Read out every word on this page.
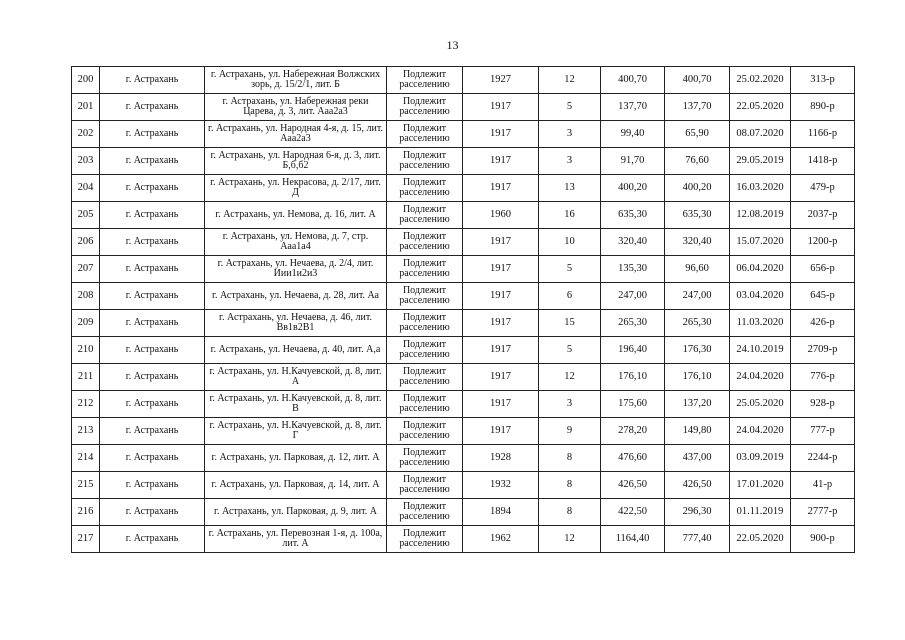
13
200	г. Астрахань	г. Астрахань, ул. Набережная Волжских зорь, д. 15/2/1, лит. Б	Подлежит расселению	1927	12	400,70	400,70	25.02.2020	313-р
201	г. Астрахань	г. Астрахань, ул. Набережная реки Царева, д. 3, лит. Ааа2а3	Подлежит расселению	1917	5	137,70	137,70	22.05.2020	890-р
202	г. Астрахань	г. Астрахань, ул. Народная 4-я, д. 15, лит. Ааа2а3	Подлежит расселению	1917	3	99,40	65,90	08.07.2020	1166-р
203	г. Астрахань	г. Астрахань, ул. Народная 6-я, д. 3, лит. Б,б,б2	Подлежит расселению	1917	3	91,70	76,60	29.05.2019	1418-р
204	г. Астрахань	г. Астрахань, ул. Некрасова, д. 2/17, лит. Д	Подлежит расселению	1917	13	400,20	400,20	16.03.2020	479-р
205	г. Астрахань	г. Астрахань, ул. Немова, д. 16, лит. А	Подлежит расселению	1960	16	635,30	635,30	12.08.2019	2037-р
206	г. Астрахань	г. Астрахань, ул. Немова, д. 7, стр. Ааа1а4	Подлежит расселению	1917	10	320,40	320,40	15.07.2020	1200-р
207	г. Астрахань	г. Астрахань, ул. Нечаева, д. 2/4, лит. Иии1и2и3	Подлежит расселению	1917	5	135,30	96,60	06.04.2020	656-р
208	г. Астрахань	г. Астрахань, ул. Нечаева, д. 28, лит. Аа	Подлежит расселению	1917	6	247,00	247,00	03.04.2020	645-р
209	г. Астрахань	г. Астрахань, ул. Нечаева, д. 46, лит. Вв1в2В1	Подлежит расселению	1917	15	265,30	265,30	11.03.2020	426-р
210	г. Астрахань	г. Астрахань, ул. Нечаева, д. 40, лит. А,а	Подлежит расселению	1917	5	196,40	176,30	24.10.2019	2709-р
211	г. Астрахань	г. Астрахань, ул. Н.Качуевской, д. 8, лит. А	Подлежит расселению	1917	12	176,10	176,10	24.04.2020	776-р
212	г. Астрахань	г. Астрахань, ул. Н.Качуевской, д. 8, лит. В	Подлежит расселению	1917	3	175,60	137,20	25.05.2020	928-р
213	г. Астрахань	г. Астрахань, ул. Н.Качуевской, д. 8, лит. Г	Подлежит расселению	1917	9	278,20	149,80	24.04.2020	777-р
214	г. Астрахань	г. Астрахань, ул. Парковая, д. 12, лит. А	Подлежит расселению	1928	8	476,60	437,00	03.09.2019	2244-р
215	г. Астрахань	г. Астрахань, ул. Парковая, д. 14, лит. А	Подлежит расселению	1932	8	426,50	426,50	17.01.2020	41-р
216	г. Астрахань	г. Астрахань, ул. Парковая, д. 9, лит. А	Подлежит расселению	1894	8	422,50	296,30	01.11.2019	2777-р
217	г. Астрахань	г. Астрахань, ул. Перевозная 1-я, д. 100а, лит. А	Подлежит расселению	1962	12	1164,40	777,40	22.05.2020	900-р
